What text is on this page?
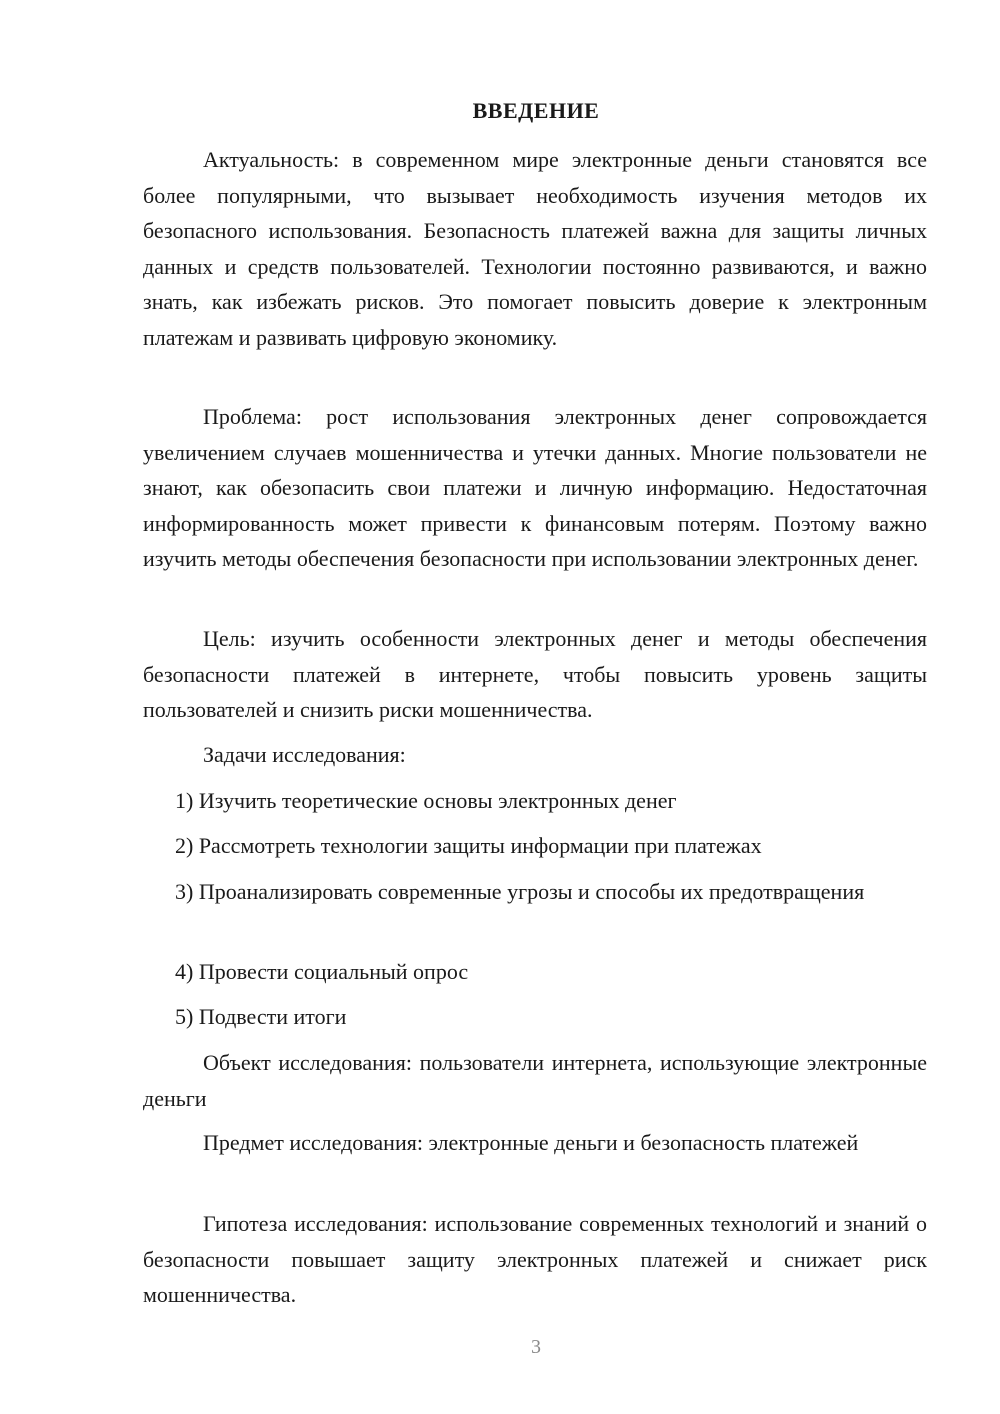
ВВЕДЕНИЕ

Актуальность: в современном мире электронные деньги становятся все более популярными, что вызывает необходимость изучения методов их безопасного использования. Безопасность платежей важна для защиты личных данных и средств пользователей. Технологии постоянно развиваются, и важно знать, как избежать рисков. Это помогает повысить доверие к электронным платежам и развивать цифровую экономику.

Проблема: рост использования электронных денег сопровождается увеличением случаев мошенничества и утечки данных. Многие пользователи не знают, как обезопасить свои платежи и личную информацию. Недостаточная информированность может привести к финансовым потерям. Поэтому важно изучить методы обеспечения безопасности при использовании электронных денег.

Цель: изучить особенности электронных денег и методы обеспечения безопасности платежей в интернете, чтобы повысить уровень защиты пользователей и снизить риски мошенничества.

Задачи исследования:

1) Изучить теоретические основы электронных денег

2) Рассмотреть технологии защиты информации при платежах

3) Проанализировать современные угрозы и способы их предотвращения

4) Провести социальный опрос

5) Подвести итоги

Объект исследования: пользователи интернета, использующие электронные деньги

Предмет исследования: электронные деньги и безопасность платежей

Гипотеза исследования: использование современных технологий и знаний о безопасности повышает защиту электронных платежей и снижает риск мошенничества.

3
